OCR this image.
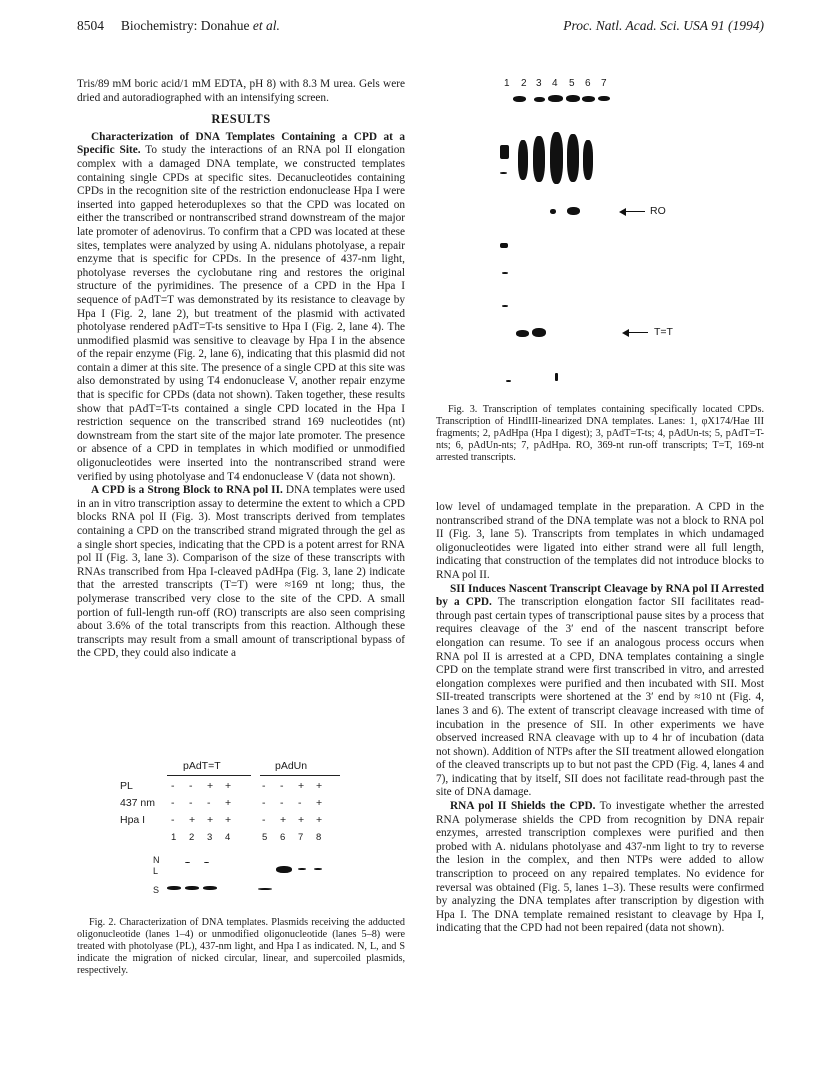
8504 Biochemistry: Donahue et al.	Proc. Natl. Acad. Sci. USA 91 (1994)

Tris/89 mM boric acid/1 mM EDTA, pH 8) with 8.3 M urea. Gels were dried and autoradiographed with an intensifying screen.

RESULTS

Characterization of DNA Templates Containing a CPD at a Specific Site. To study the interactions of an RNA pol II elongation complex with a damaged DNA template, we constructed templates containing single CPDs at specific sites. Decanucleotides containing CPDs in the recognition site of the restriction endonuclease Hpa I were inserted into gapped heteroduplexes so that the CPD was located on either the transcribed or nontranscribed strand downstream of the major late promoter of adenovirus. To confirm that a CPD was located at these sites, templates were analyzed by using A. nidulans photolyase, a repair enzyme that is specific for CPDs. In the presence of 437-nm light, photolyase reverses the cyclobutane ring and restores the original structure of the pyrimidines. The presence of a CPD in the Hpa I sequence of pAdT=T was demonstrated by its resistance to cleavage by Hpa I (Fig. 2, lane 2), but treatment of the plasmid with activated photolyase rendered pAdT=T-ts sensitive to Hpa I (Fig. 2, lane 4). The unmodified plasmid was sensitive to cleavage by Hpa I in the absence of the repair enzyme (Fig. 2, lane 6), indicating that this plasmid did not contain a dimer at this site. The presence of a single CPD at this site was also demonstrated by using T4 endonuclease V, another repair enzyme that is specific for CPDs (data not shown). Taken together, these results show that pAdT=T-ts contained a single CPD located in the Hpa I restriction sequence on the transcribed strand 169 nucleotides (nt) downstream from the start site of the major late promoter. The presence or absence of a CPD in templates in which modified or unmodified oligonucleotides were inserted into the nontranscribed strand were verified by using photolyase and T4 endonuclease V (data not shown).

A CPD is a Strong Block to RNA pol II. DNA templates were used in an in vitro transcription assay to determine the extent to which a CPD blocks RNA pol II (Fig. 3). Most transcripts derived from templates containing a CPD on the transcribed strand migrated through the gel as a single short species, indicating that the CPD is a potent arrest for RNA pol II (Fig. 3, lane 3). Comparison of the size of these transcripts with RNAs transcribed from Hpa I-cleaved pAdHpa (Fig. 3, lane 2) indicate that the arrested transcripts (T=T) were ≈169 nt long; thus, the polymerase transcribed very close to the site of the CPD. A small portion of full-length run-off (RO) transcripts are also seen comprising about 3.6% of the total transcripts from this reaction. Although these transcripts may result from a small amount of transcriptional bypass of the CPD, they could also indicate a

pAdT=T	pAdUn
PL	- - + +	- - + +
437 nm - - - +	- - - +
Hpa I - + + +	- + + +
1 2 3 4	5 6 7 8
N
L
S
Fig. 2. Characterization of DNA templates. Plasmids receiving the adducted oligonucleotide (lanes 1–4) or unmodified oligonucleotide (lanes 5–8) were treated with photolyase (PL), 437-nm light, and Hpa I as indicated. N, L, and S indicate the migration of nicked circular, linear, and supercoiled plasmids, respectively.
1 2 3 4 5 6 7
RO
T=T
Fig. 3. Transcription of templates containing specifically located CPDs. Transcription of HindIII-linearized DNA templates. Lanes: 1, φX174/Hae III fragments; 2, pAdHpa (Hpa I digest); 3, pAdT=T-ts; 4, pAdUn-ts; 5, pAdT=T-nts; 6, pAdUn-nts; 7, pAdHpa. RO, 369-nt run-off transcripts; T=T, 169-nt arrested transcripts.

low level of undamaged template in the preparation. A CPD in the nontranscribed strand of the DNA template was not a block to RNA pol II (Fig. 3, lane 5). Transcripts from templates in which undamaged oligonucleotides were ligated into either strand were all full length, indicating that construction of the templates did not introduce blocks to RNA pol II.

SII Induces Nascent Transcript Cleavage by RNA pol II Arrested by a CPD. The transcription elongation factor SII facilitates read-through past certain types of transcriptional pause sites by a process that requires cleavage of the 3′ end of the nascent transcript before elongation can resume. To see if an analogous process occurs when RNA pol II is arrested at a CPD, DNA templates containing a single CPD on the template strand were first transcribed in vitro, and arrested elongation complexes were purified and then incubated with SII. Most SII-treated transcripts were shortened at the 3′ end by ≈10 nt (Fig. 4, lanes 3 and 6). The extent of transcript cleavage increased with time of incubation in the presence of SII. In other experiments we have observed increased RNA cleavage with up to 4 hr of incubation (data not shown). Addition of NTPs after the SII treatment allowed elongation of the cleaved transcripts up to but not past the CPD (Fig. 4, lanes 4 and 7), indicating that by itself, SII does not facilitate read-through past the site of DNA damage.

RNA pol II Shields the CPD. To investigate whether the arrested RNA polymerase shields the CPD from recognition by DNA repair enzymes, arrested transcription complexes were purified and then probed with A. nidulans photolyase and 437-nm light to try to reverse the lesion in the complex, and then NTPs were added to allow transcription to proceed on any repaired templates. No evidence for reversal was obtained (Fig. 5, lanes 1–3). These results were confirmed by analyzing the DNA templates after transcription by digestion with Hpa I. The DNA template remained resistant to cleavage by Hpa I, indicating that the CPD had not been repaired (data not shown).
